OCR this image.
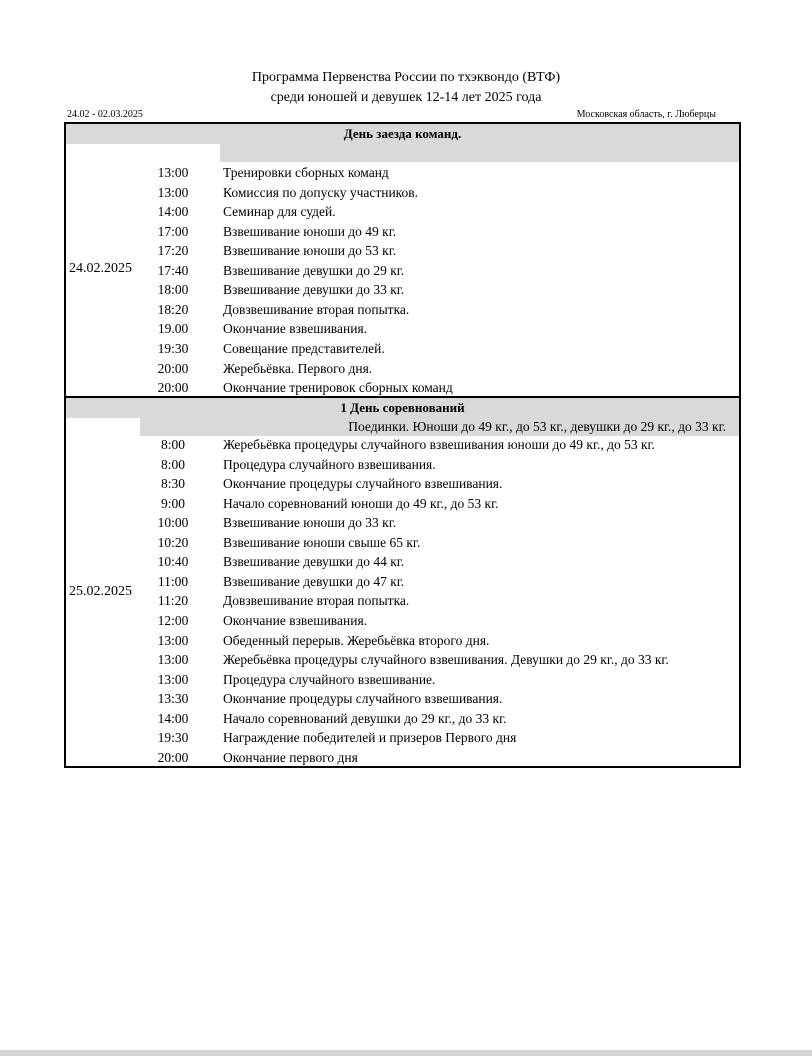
Программа Первенства России по тхэквондо (ВТФ)
среди юношей и девушек 12-14 лет 2025 года
24.02 - 02.03.2025	Московская область, г. Люберцы
День заезда команд.
24.02.2025
13:00	Тренировки сборных команд
13:00	Комиссия по допуску участников.
14:00	Семинар для судей.
17:00	Взвешивание юноши до 49 кг.
17:20	Взвешивание юноши до 53 кг.
17:40	Взвешивание девушки до 29 кг.
18:00	Взвешивание девушки до 33 кг.
18:20	Довзвешивание вторая попытка.
19.00	Окончание взвешивания.
19:30	Совещание представителей.
20:00	Жеребьёвка. Первого дня.
20:00	Окончание тренировок сборных команд
1 День соревнований
Поединки. Юноши до 49 кг., до 53 кг., девушки до 29 кг., до 33 кг.
25.02.2025
8:00	Жеребьёвка процедуры случайного взвешивания юноши до 49 кг., до 53 кг.
8:00	Процедура случайного взвешивания.
8:30	Окончание процедуры случайного взвешивания.
9:00	Начало соревнований юноши до 49 кг., до 53 кг.
10:00	Взвешивание юноши до 33 кг.
10:20	Взвешивание юноши свыше 65 кг.
10:40	Взвешивание девушки до 44 кг.
11:00	Взвешивание девушки до 47 кг.
11:20	Довзвешивание вторая попытка.
12:00	Окончание взвешивания.
13:00	Обеденный перерыв. Жеребьёвка второго дня.
13:00	Жеребьёвка процедуры случайного взвешивания. Девушки до 29 кг., до 33 кг.
13:00	Процедура случайного взвешивание.
13:30	Окончание процедуры случайного взвешивания.
14:00	Начало соревнований девушки до 29 кг., до 33 кг.
19:30	Награждение победителей и призеров Первого дня
20:00	Окончание первого дня
